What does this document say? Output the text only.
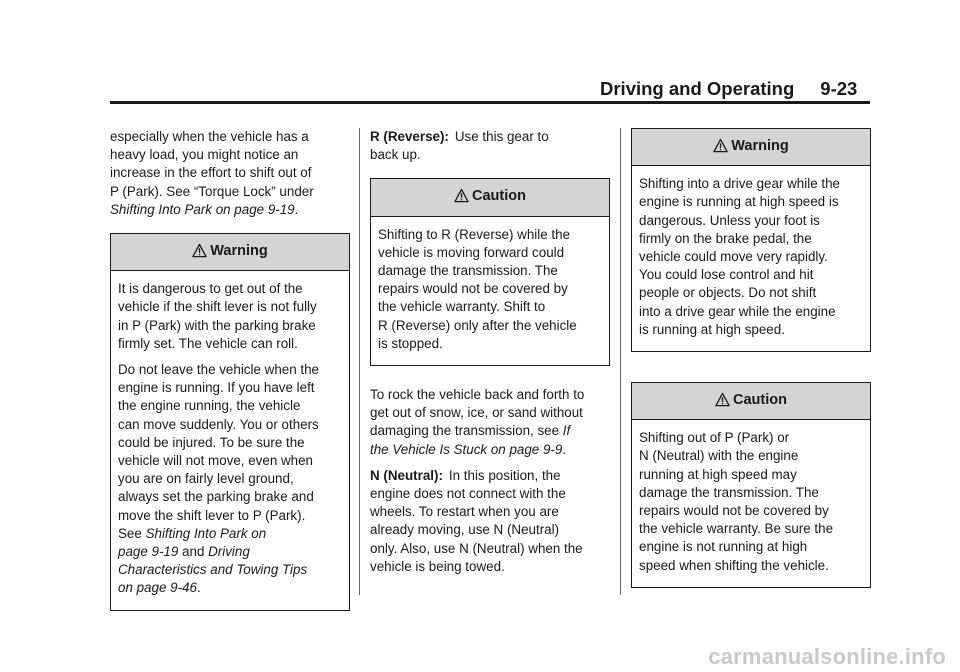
Driving and Operating 9-23

especially when the vehicle has a
heavy load, you might notice an
increase in the effort to shift out of
P (Park). See “Torque Lock” under
Shifting Into Park on page 9-19.

Warning

It is dangerous to get out of the
vehicle if the shift lever is not fully
in P (Park) with the parking brake
firmly set. The vehicle can roll.

Do not leave the vehicle when the
engine is running. If you have left
the engine running, the vehicle
can move suddenly. You or others
could be injured. To be sure the
vehicle will not move, even when
you are on fairly level ground,
always set the parking brake and
move the shift lever to P (Park).
See Shifting Into Park on
page 9-19 and Driving
Characteristics and Towing Tips
on page 9-46.

R (Reverse): Use this gear to
back up.

Caution

Shifting to R (Reverse) while the
vehicle is moving forward could
damage the transmission. The
repairs would not be covered by
the vehicle warranty. Shift to
R (Reverse) only after the vehicle
is stopped.

To rock the vehicle back and forth to
get out of snow, ice, or sand without
damaging the transmission, see If
the Vehicle Is Stuck on page 9-9.

N (Neutral): In this position, the
engine does not connect with the
wheels. To restart when you are
already moving, use N (Neutral)
only. Also, use N (Neutral) when the
vehicle is being towed.

Warning

Shifting into a drive gear while the
engine is running at high speed is
dangerous. Unless your foot is
firmly on the brake pedal, the
vehicle could move very rapidly.
You could lose control and hit
people or objects. Do not shift
into a drive gear while the engine
is running at high speed.

Caution

Shifting out of P (Park) or
N (Neutral) with the engine
running at high speed may
damage the transmission. The
repairs would not be covered by
the vehicle warranty. Be sure the
engine is not running at high
speed when shifting the vehicle.

carmanualsonline.info
